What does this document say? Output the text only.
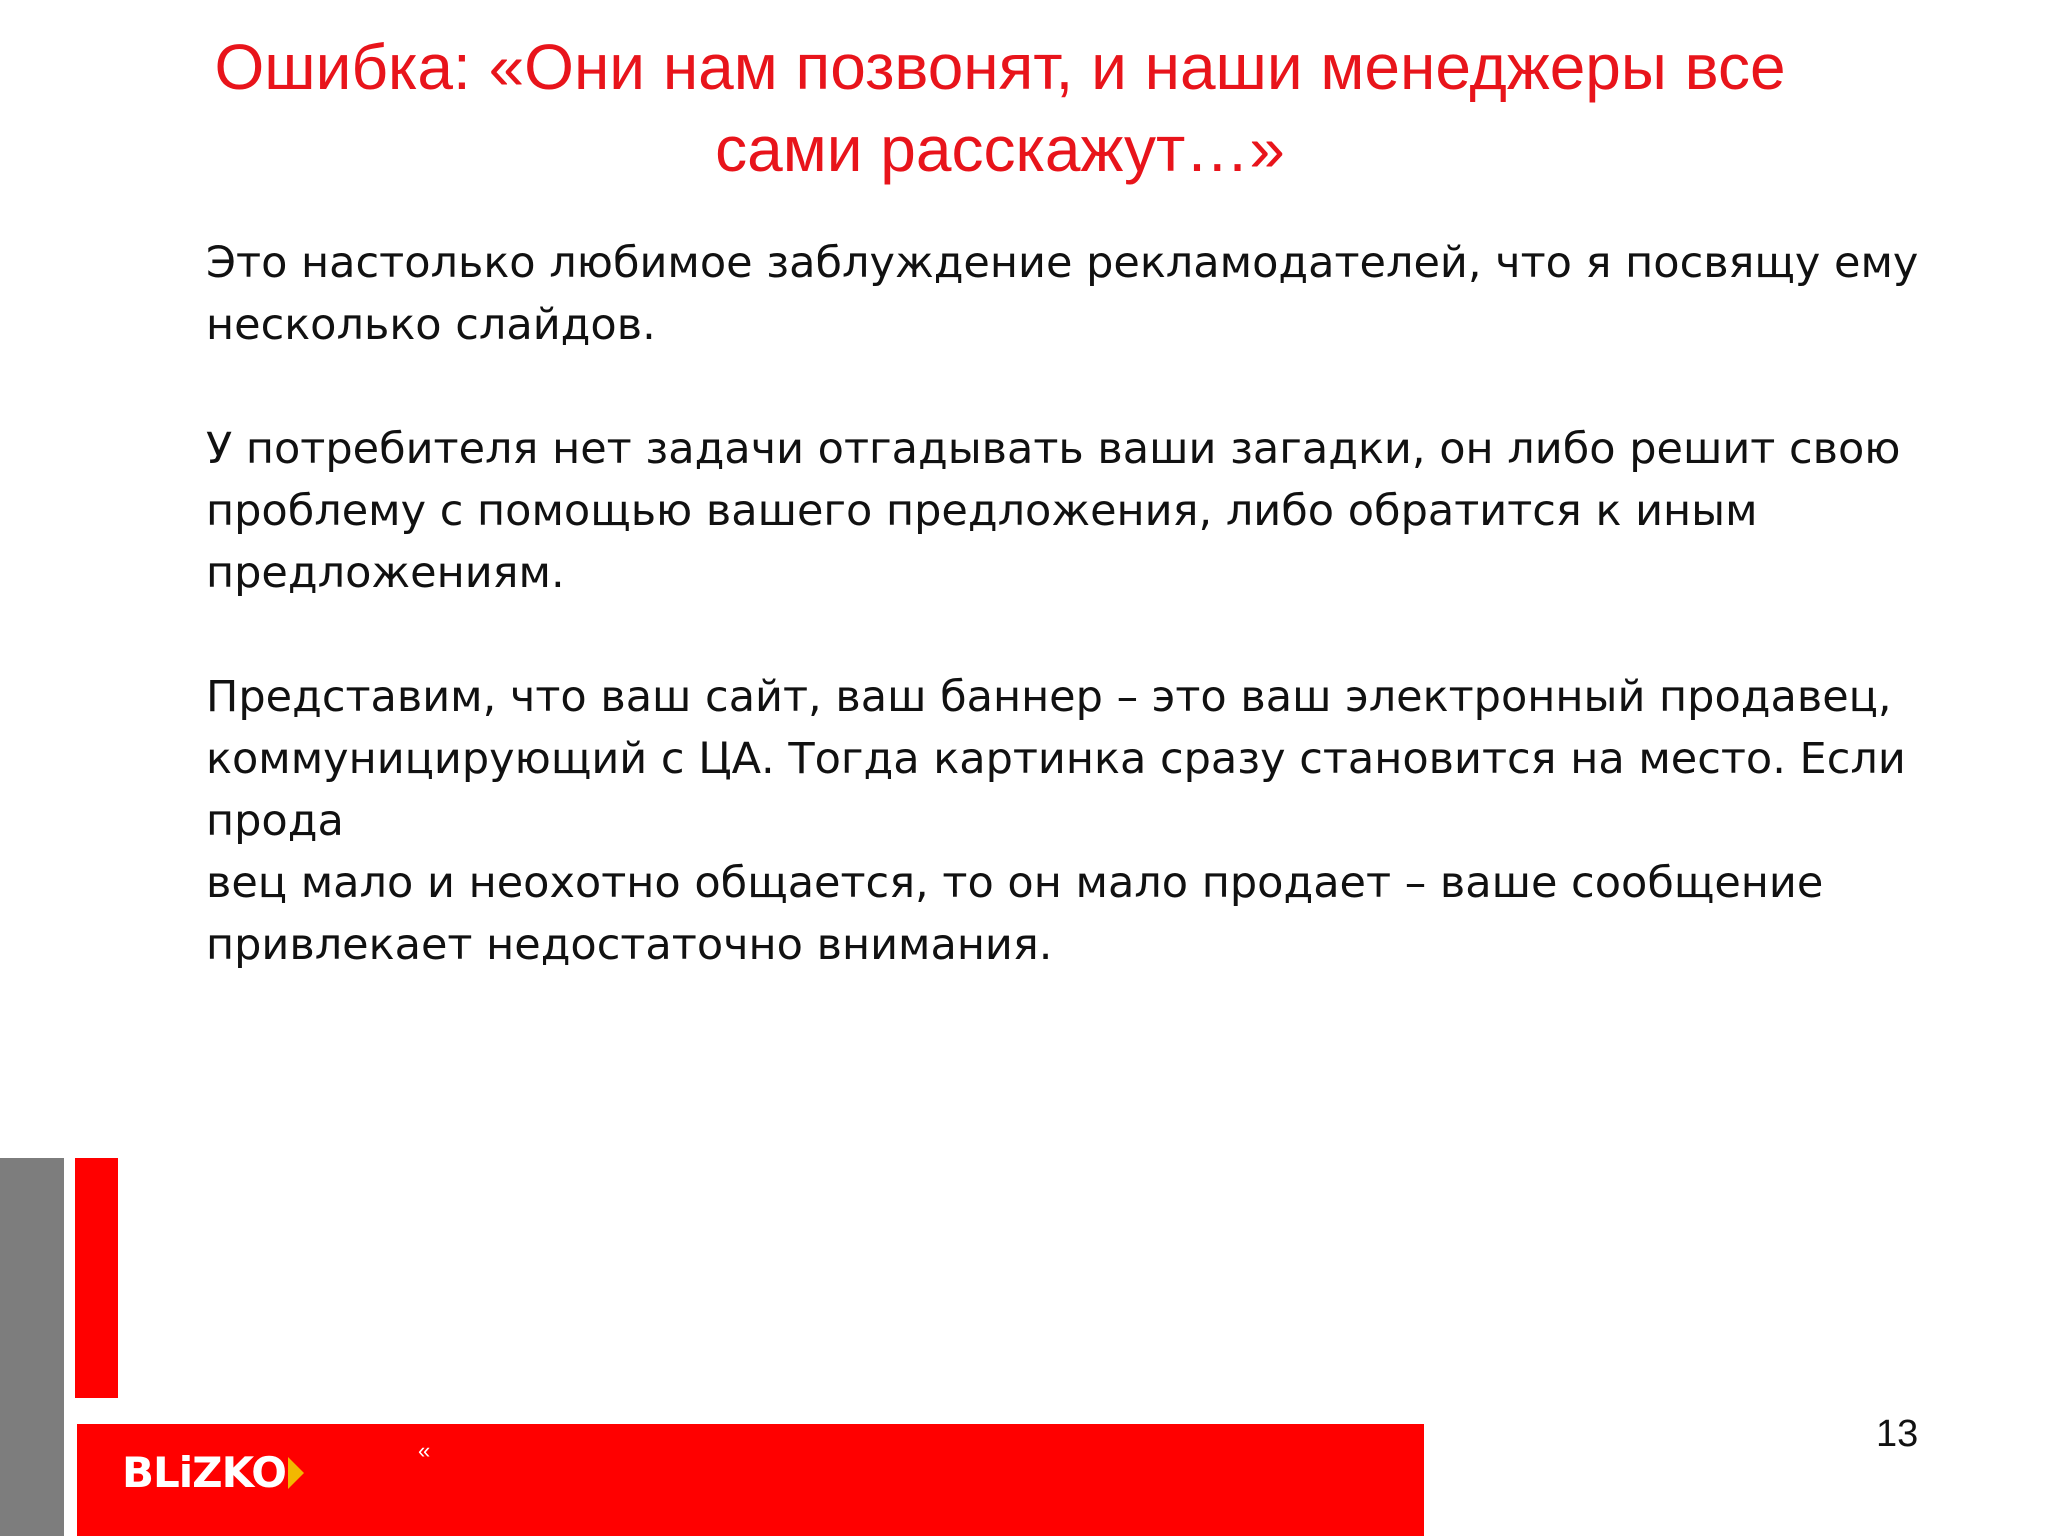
Ошибка: «Они нам позвонят, и наши менеджеры все
сами расскажут…»

Это настолько любимое заблуждение рекламодателей, что я посвящу ему
несколько слайдов.

У потребителя нет задачи отгадывать ваши загадки, он либо решит свою
проблему с помощью вашего предложения, либо обратится к иным
предложениям.

Представим, что ваш сайт, ваш баннер – это ваш электронный продавец,
коммуницирующий с ЦА. Тогда картинка сразу становится на место. Если
прода
вец мало и неохотно общается, то он мало продает – ваше сообщение
привлекает недостаточно внимания.

BLiZKO	«	13
